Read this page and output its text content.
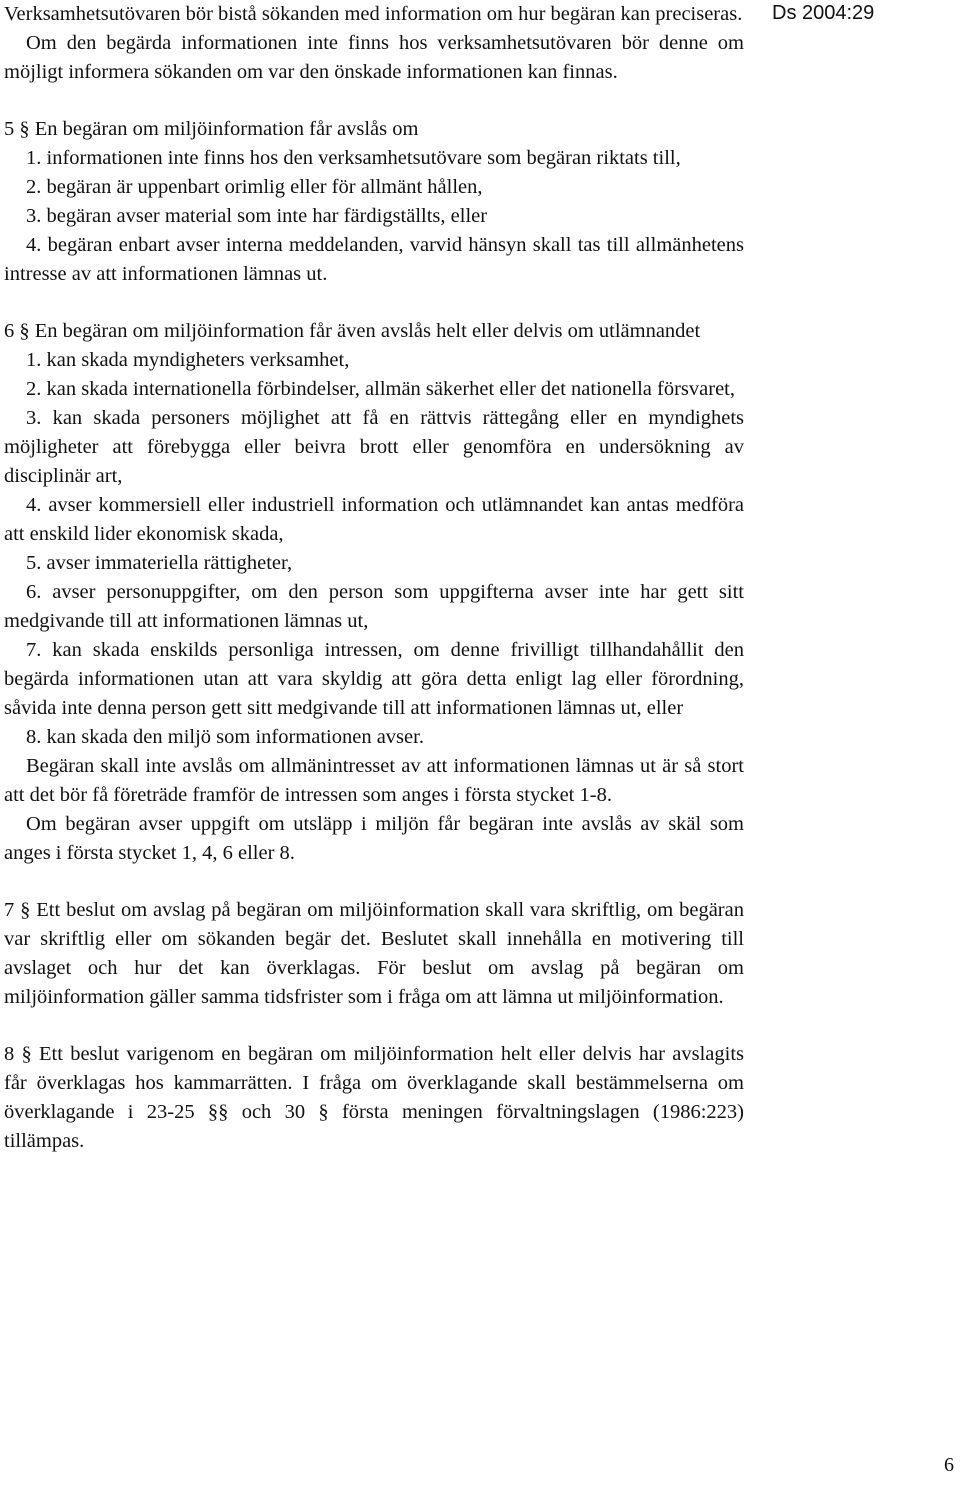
Ds 2004:29

Verksamhetsutövaren bör bistå sökanden med information om hur begäran kan preciseras.

Om den begärda informationen inte finns hos verksamhetsutövaren bör denne om möjligt informera sökanden om var den önskade informationen kan finnas.

5 § En begäran om miljöinformation får avslås om

1. informationen inte finns hos den verksamhetsutövare som begäran riktats till,

2. begäran är uppenbart orimlig eller för allmänt hållen,

3. begäran avser material som inte har färdigställts, eller

4. begäran enbart avser interna meddelanden, varvid hänsyn skall tas till allmänhetens intresse av att informationen lämnas ut.

6 § En begäran om miljöinformation får även avslås helt eller delvis om utlämnandet

1. kan skada myndigheters verksamhet,

2. kan skada internationella förbindelser, allmän säkerhet eller det nationella försvaret,

3. kan skada personers möjlighet att få en rättvis rättegång eller en myndighets möjligheter att förebygga eller beivra brott eller genomföra en undersökning av disciplinär art,

4. avser kommersiell eller industriell information och utlämnandet kan antas medföra att enskild lider ekonomisk skada,

5. avser immateriella rättigheter,

6. avser personuppgifter, om den person som uppgifterna avser inte har gett sitt medgivande till att informationen lämnas ut,

7. kan skada enskilds personliga intressen, om denne frivilligt tillhandahållit den begärda informationen utan att vara skyldig att göra detta enligt lag eller förordning, såvida inte denna person gett sitt medgivande till att informationen lämnas ut, eller

8. kan skada den miljö som informationen avser.

Begäran skall inte avslås om allmänintresset av att informationen lämnas ut är så stort att det bör få företräde framför de intressen som anges i första stycket 1-8.

Om begäran avser uppgift om utsläpp i miljön får begäran inte avslås av skäl som anges i första stycket 1, 4, 6 eller 8.

7 § Ett beslut om avslag på begäran om miljöinformation skall vara skriftlig, om begäran var skriftlig eller om sökanden begär det. Beslutet skall innehålla en motivering till avslaget och hur det kan överklagas. För beslut om avslag på begäran om miljöinformation gäller samma tidsfrister som i fråga om att lämna ut miljöinformation.

8 § Ett beslut varigenom en begäran om miljöinformation helt eller delvis har avslagits får överklagas hos kammarrätten. I fråga om överklagande skall bestämmelserna om överklagande i 23-25 §§ och 30 § första meningen förvaltningslagen (1986:223) tillämpas.

6
